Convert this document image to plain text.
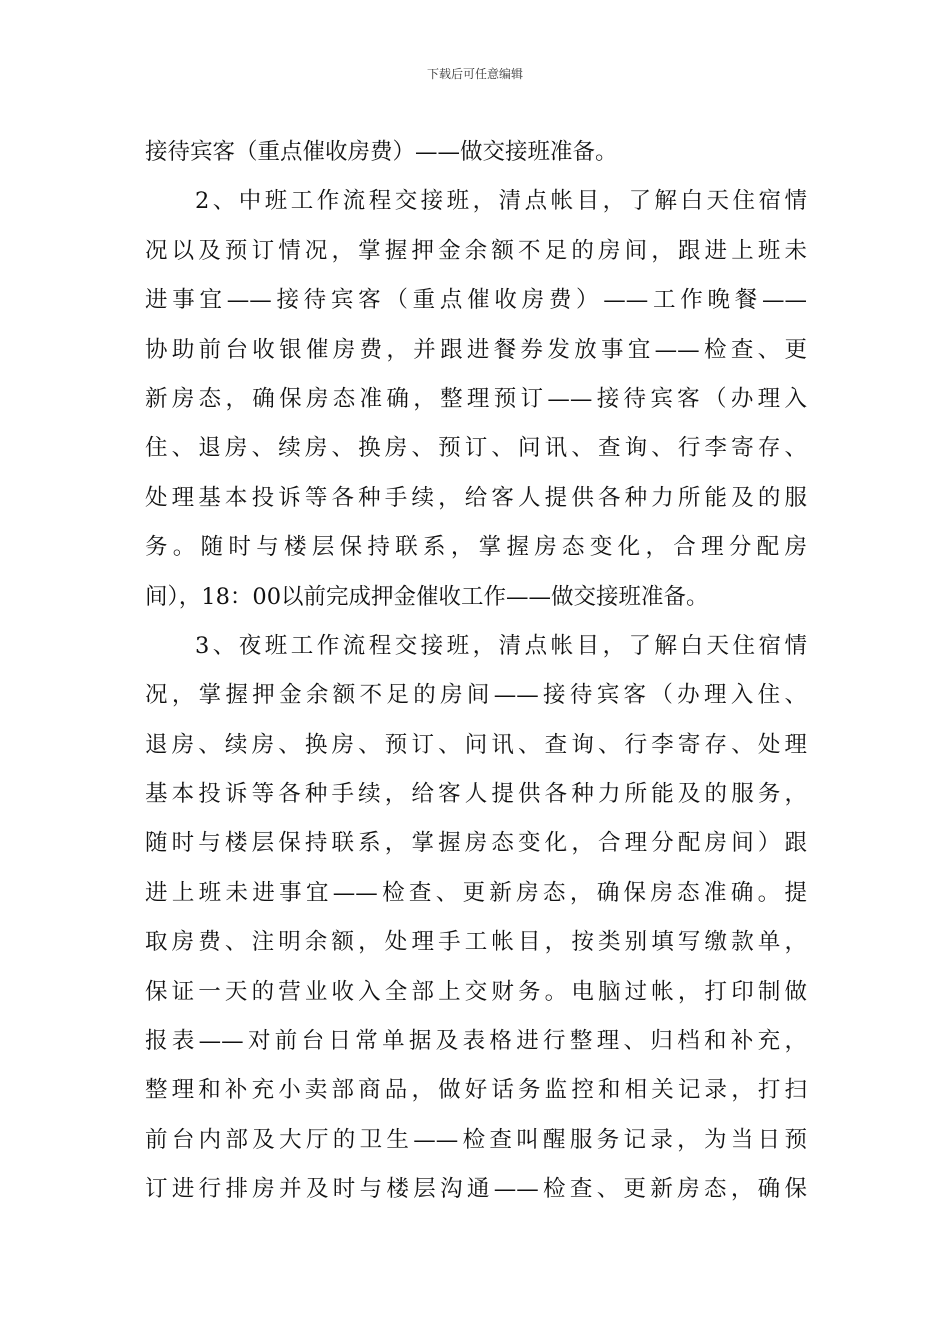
下载后可任意编辑
接待宾客（重点催收房费）——做交接班准备。
2、中班工作流程交接班，清点帐目，了解白天住宿情
况以及预订情况，掌握押金余额不足的房间，跟进上班未
进事宜——接待宾客（重点催收房费）——工作晚餐——
协助前台收银催房费，并跟进餐券发放事宜——检查、更
新房态，确保房态准确，整理预订——接待宾客（办理入
住、退房、续房、换房、预订、问讯、查询、行李寄存、
处理基本投诉等各种手续，给客人提供各种力所能及的服
务。随时与楼层保持联系，掌握房态变化，合理分配房
间），18：00以前完成押金催收工作——做交接班准备。
3、夜班工作流程交接班，清点帐目，了解白天住宿情
况，掌握押金余额不足的房间——接待宾客（办理入住、
退房、续房、换房、预订、问讯、查询、行李寄存、处理
基本投诉等各种手续，给客人提供各种力所能及的服务，
随时与楼层保持联系，掌握房态变化，合理分配房间）跟
进上班未进事宜——检查、更新房态，确保房态准确。提
取房费、注明余额，处理手工帐目，按类别填写缴款单，
保证一天的营业收入全部上交财务。电脑过帐，打印制做
报表——对前台日常单据及表格进行整理、归档和补充，
整理和补充小卖部商品，做好话务监控和相关记录，打扫
前台内部及大厅的卫生——检查叫醒服务记录，为当日预
订进行排房并及时与楼层沟通——检查、更新房态，确保
